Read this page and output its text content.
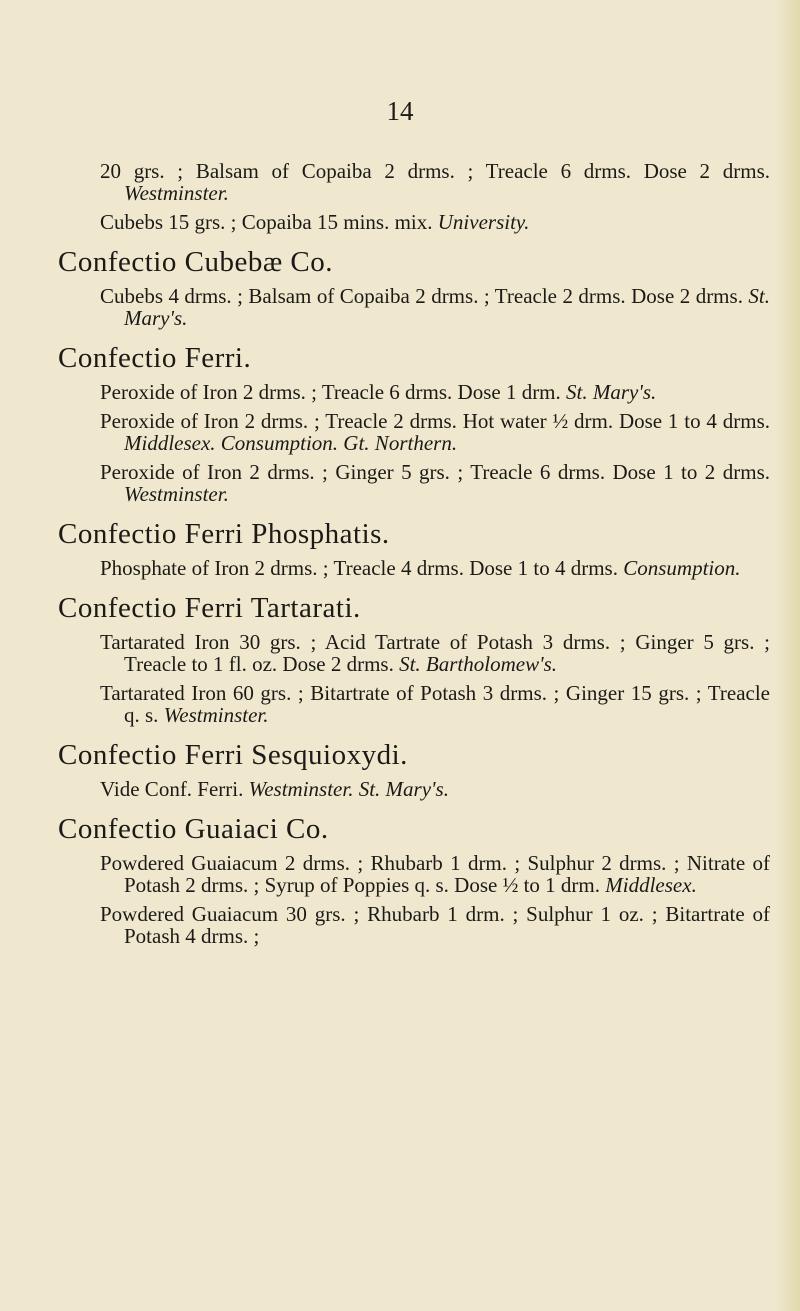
14
20 grs. ; Balsam of Copaiba 2 drms. ; Treacle 6 drms. Dose 2 drms. Westminster.
Cubebs 15 grs. ; Copaiba 15 mins. mix. University.
Confectio Cubebæ Co.
Cubebs 4 drms. ; Balsam of Copaiba 2 drms. ; Treacle 2 drms. Dose 2 drms. St. Mary's.
Confectio Ferri.
Peroxide of Iron 2 drms. ; Treacle 6 drms. Dose 1 drm. St. Mary's.
Peroxide of Iron 2 drms. ; Treacle 2 drms. Hot water ½ drm. Dose 1 to 4 drms. Middlesex. Consumption. Gt. Northern.
Peroxide of Iron 2 drms. ; Ginger 5 grs. ; Treacle 6 drms. Dose 1 to 2 drms. Westminster.
Confectio Ferri Phosphatis.
Phosphate of Iron 2 drms. ; Treacle 4 drms. Dose 1 to 4 drms. Consumption.
Confectio Ferri Tartarati.
Tartarated Iron 30 grs. ; Acid Tartrate of Potash 3 drms. ; Ginger 5 grs. ; Treacle to 1 fl. oz. Dose 2 drms. St. Bartholomew's.
Tartarated Iron 60 grs. ; Bitartrate of Potash 3 drms. ; Ginger 15 grs. ; Treacle q. s. Westminster.
Confectio Ferri Sesquioxydi.
Vide Conf. Ferri. Westminster. St. Mary's.
Confectio Guaiaci Co.
Powdered Guaiacum 2 drms. ; Rhubarb 1 drm. ; Sulphur 2 drms. ; Nitrate of Potash 2 drms. ; Syrup of Poppies q. s. Dose ½ to 1 drm. Middlesex.
Powdered Guaiacum 30 grs. ; Rhubarb 1 drm. ; Sulphur 1 oz. ; Bitartrate of Potash 4 drms. ;
